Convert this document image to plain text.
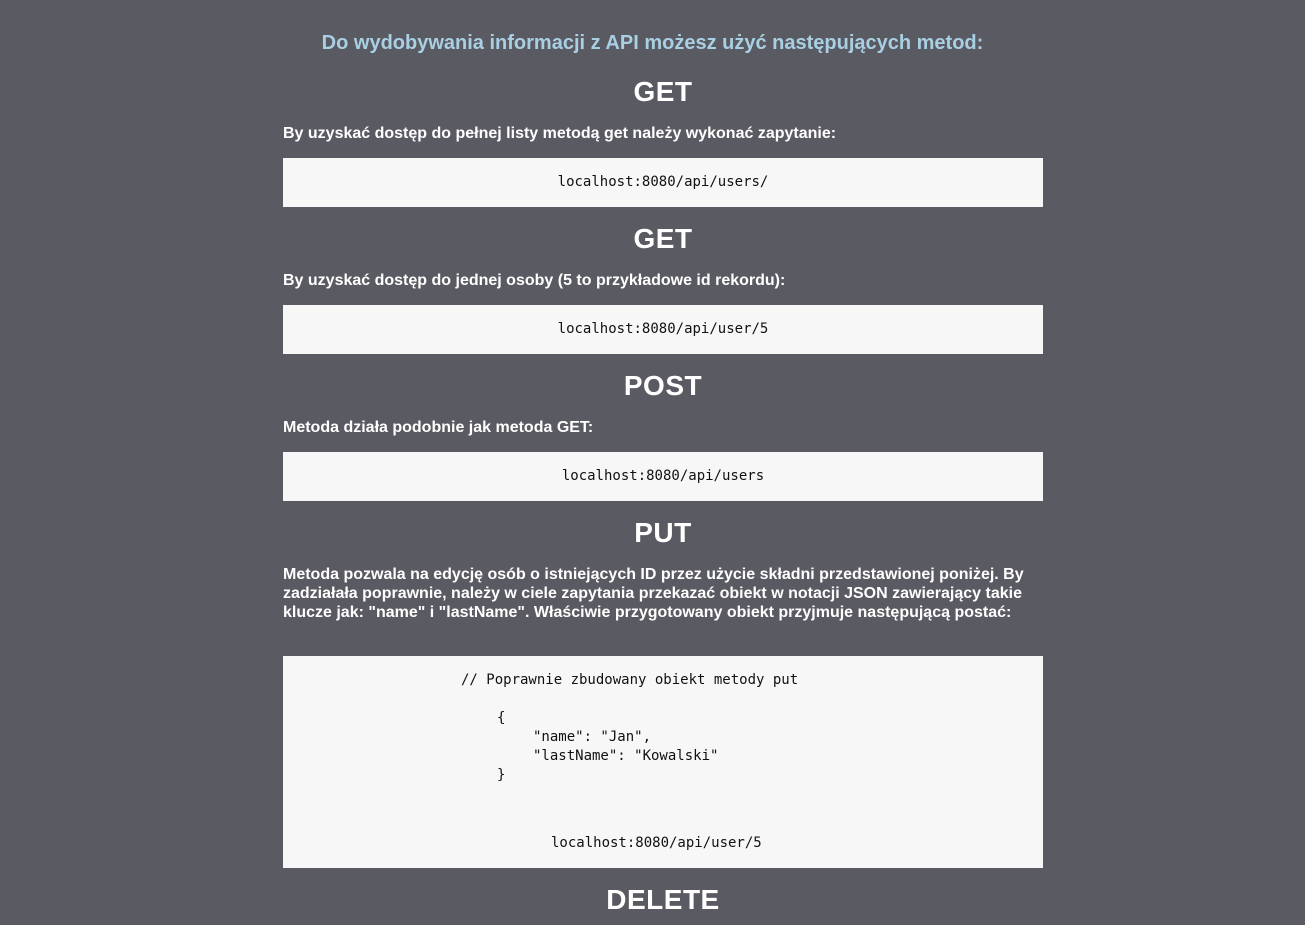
Do wydobywania informacji z API możesz użyć następujących metod:
GET

By uzyskać dostęp do pełnej listy metodą get należy wykonać zapytanie:

localhost:8080/api/users/
GET

By uzyskać dostęp do jednej osoby (5 to przykładowe id rekordu):

localhost:8080/api/user/5
POST

Metoda działa podobnie jak metoda GET:

localhost:8080/api/users
PUT

Metoda pozwala na edycję osób o istniejących ID przez użycie składni przedstawionej poniżej. By zadziałała poprawnie, należy w ciele zapytania przekazać obiekt w notacji JSON zawierający takie klucze jak: "name" i "lastName". Właściwie przygotowany obiekt przyjmuje następującą postać:

// Poprawnie zbudowany obiekt metody put
{
"name": "Jan",
"lastName": "Kowalski"
}
localhost:8080/api/user/5
DELETE
